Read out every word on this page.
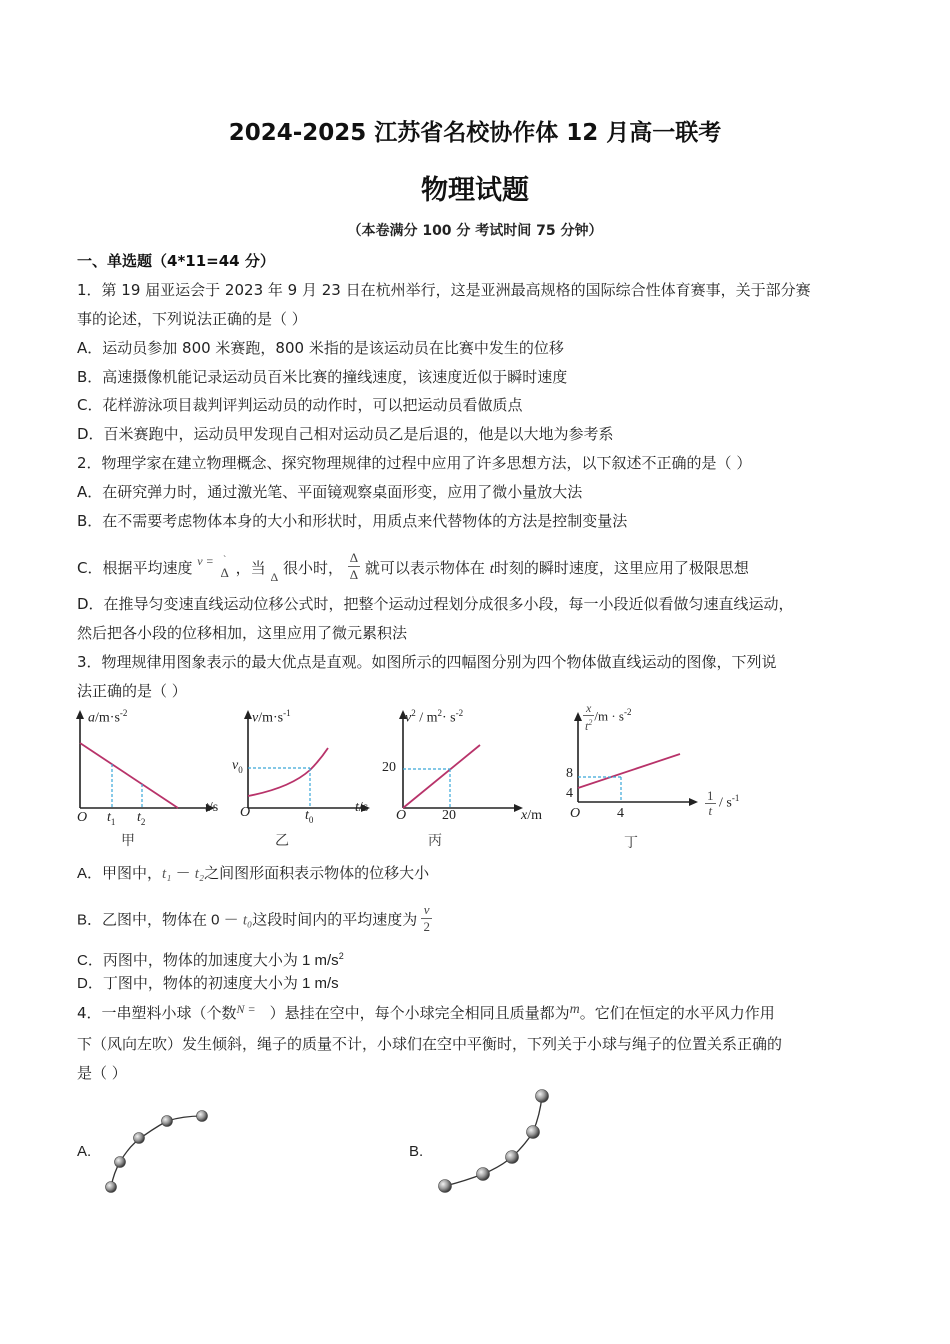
2024-2025 江苏省名校协作体 12 月高一联考
物理试题
（本卷满分 100 分 考试时间 75 分钟）
一、单选题（4*11=44 分）
1．第 19 届亚运会于 2023 年 9 月 23 日在杭州举行，这是亚洲最高规格的国际综合性体育赛事，关于部分赛
事的论述，下列说法正确的是（ ）
A．运动员参加 800 米赛跑，800 米指的是该运动员在比赛中发生的位移
B．高速摄像机能记录运动员百米比赛的撞线速度，该速度近似于瞬时速度
C．花样游泳项目裁判评判运动员的动作时，可以把运动员看做质点
D．百米赛跑中，运动员甲发现自己相对运动员乙是后退的，他是以大地为参考系
2．物理学家在建立物理概念、探究物理规律的过程中应用了许多思想方法，以下叙述不正确的是（ ）
A．在研究弹力时，通过激光笔、平面镜观察桌面形变，应用了微小量放大法
B．在不需要考虑物体本身的大小和形状时，用质点来代替物体的方法是控制变量法
C．根据平均速度 $^{v =}$ ˋ
Δ ，当 $_\Delta$ 很小时， $\frac{\Delta}{\Delta}$ 就可以表示物体在 t时刻的瞬时速度，这里应用了极限思想
D．在推导匀变速直线运动位移公式时，把整个运动过程划分成很多小段，每一小段近似看做匀速直线运动，
然后把各小段的位移相加，这里应用了微元累积法
3．物理规律用图象表示的最大优点是直观。如图所示的四幅图分别为四个物体做直线运动的图像，下列说
法正确的是（ ）
$a/m\cdot s^{-2}$
t/s
O $t_1$ $t_2$
甲
$v/m\cdot s^{-1}$
$v_0$
t/s
O	$t_0$
乙
$v^2 / m^2\cdot s^{-2}$
20
x/m
O	20
丙
$\frac{x}{t^2} /m \cdot s^{-2}$
8
4	$\frac{1}{t} / s^{-1}$
O	4
丁
A．甲图中，t₁ － t₂之间图形面积表示物体的位移大小
B．乙图中，物体在 0 － t₀这段时间内的平均速度为 $\frac{v}{2}$
C．丙图中，物体的加速度大小为 1 $m/s^2$
D．丁图中，物体的初速度大小为 1 m/s
4．一串塑料小球（个数$^{N =}$ ）悬挂在空中，每个小球完全相同且质量都为m。它们在恒定的水平风力作用
下（风向左吹）发生倾斜，绳子的质量不计，小球们在空中平衡时，下列关于小球与绳子的位置关系正确的
是（ ）
A.	B.
